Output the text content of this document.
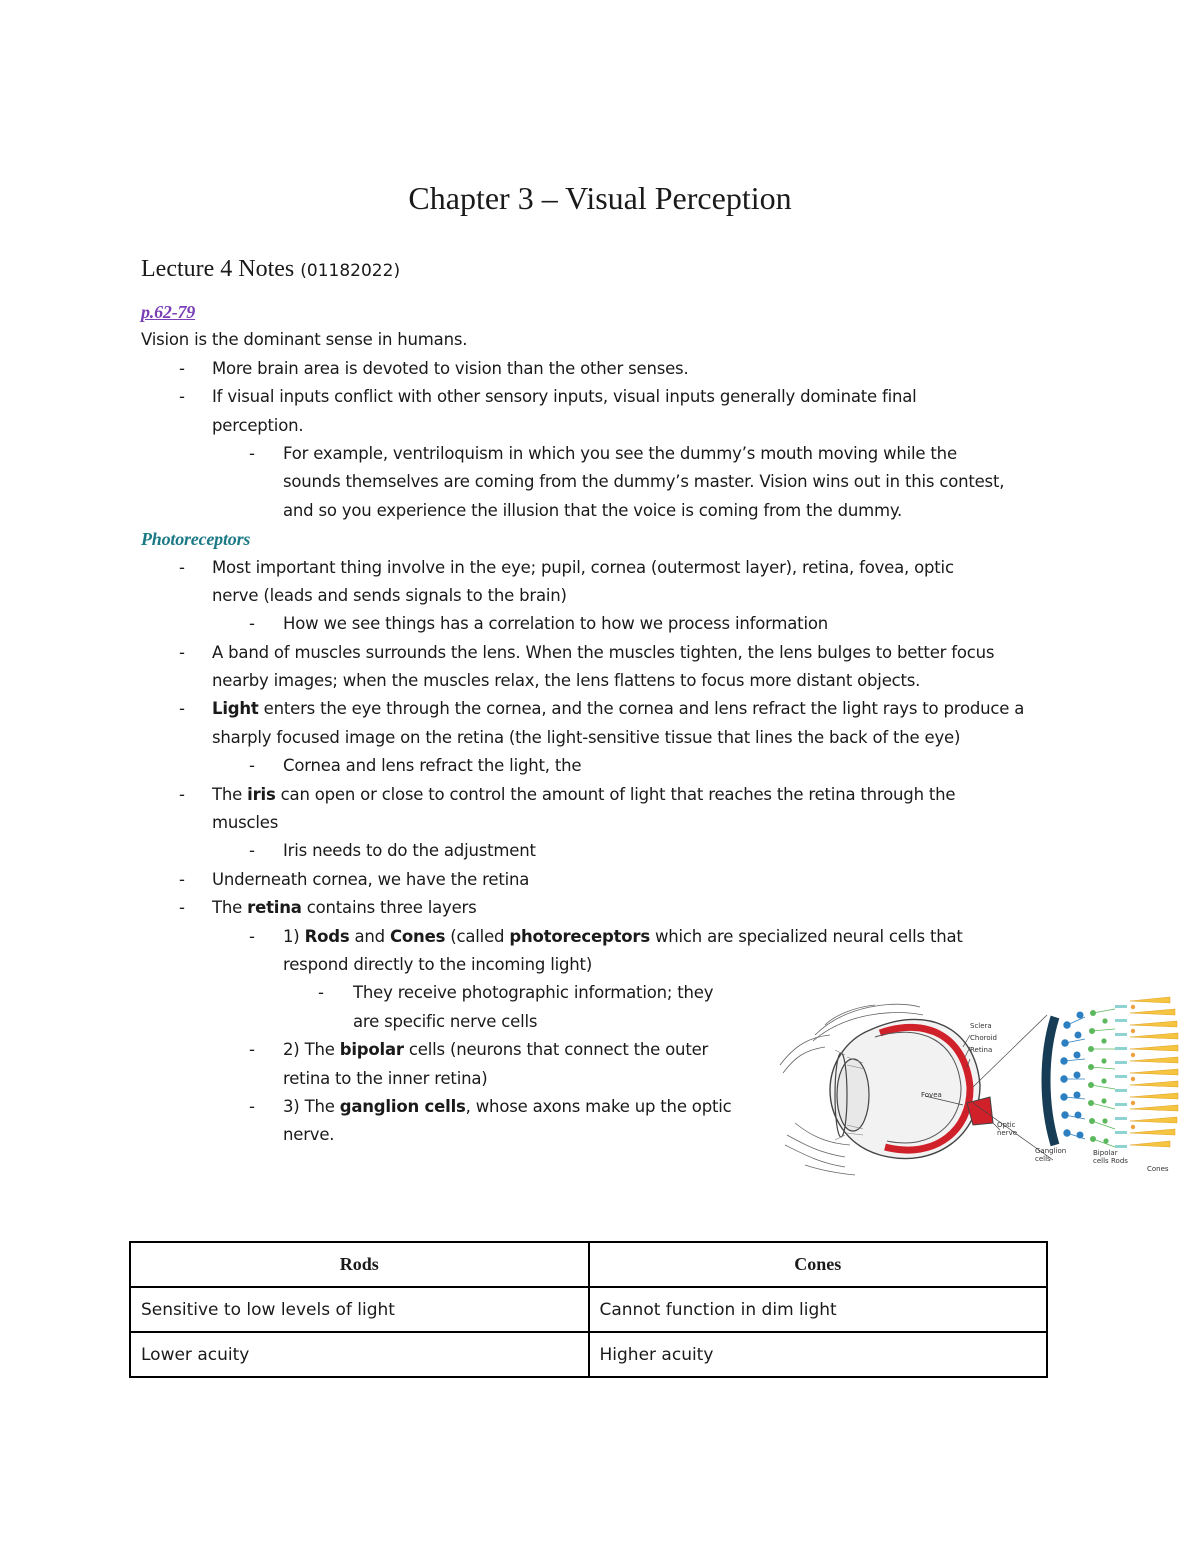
Chapter 3 – Visual Perception
Lecture 4 Notes (01182022)
p.62-79
Vision is the dominant sense in humans.
- More brain area is devoted to vision than the other senses.
- If visual inputs conflict with other sensory inputs, visual inputs generally dominate final
perception.
- For example, ventriloquism in which you see the dummy’s mouth moving while the
sounds themselves are coming from the dummy’s master. Vision wins out in this contest,
and so you experience the illusion that the voice is coming from the dummy.
Photoreceptors
- Most important thing involve in the eye; pupil, cornea (outermost layer), retina, fovea, optic
nerve (leads and sends signals to the brain)
- How we see things has a correlation to how we process information
- A band of muscles surrounds the lens. When the muscles tighten, the lens bulges to better focus
nearby images; when the muscles relax, the lens flattens to focus more distant objects.
- Light enters the eye through the cornea, and the cornea and lens refract the light rays to produce a
sharply focused image on the retina (the light-sensitive tissue that lines the back of the eye)
- Cornea and lens refract the light, the
- The iris can open or close to control the amount of light that reaches the retina through the
muscles
- Iris needs to do the adjustment
- Underneath cornea, we have the retina
- The retina contains three layers
- 1) Rods and Cones (called photoreceptors which are specialized neural cells that
respond directly to the incoming light)
- They receive photographic information; they
are specific nerve cells
- 2) The bipolar cells (neurons that connect the outer
retina to the inner retina)
- 3) The ganglion cells, whose axons make up the optic
nerve.
Sclera
Choroid
Retina
Fovea
Optic
nerve
Ganglion
cells
Bipolar
cells Rods
Cones
Rods	Cones
Sensitive to low levels of light	Cannot function in dim light
Lower acuity	Higher acuity
